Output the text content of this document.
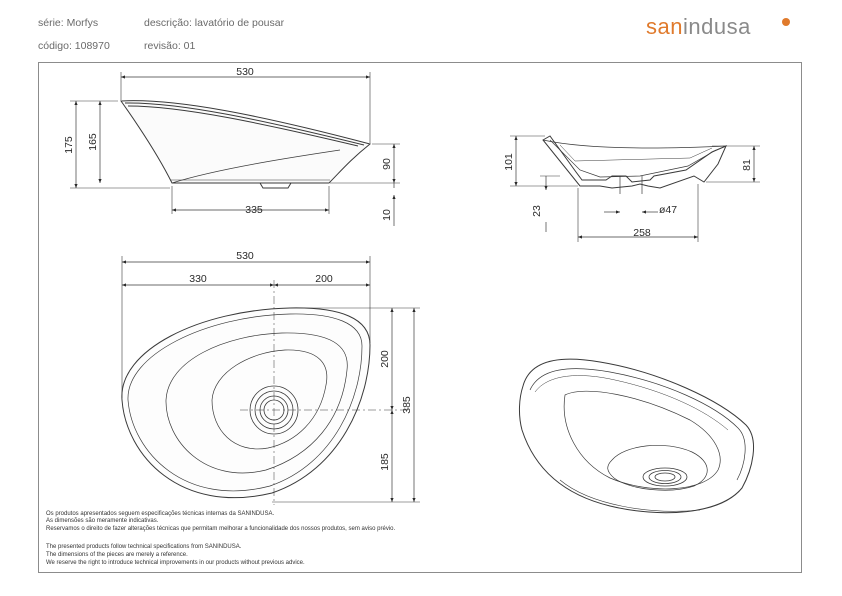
série: Morfys	descrição: lavatório de pousar
código: 108970	revisão: 01
sanindusa
530
175 165
90
10
335
101	81
23	ø47
258
530
330	200
385
200
185
Os produtos apresentados seguem especificações técnicas internas da SANINDUSA.
As dimensões são meramente indicativas.
Reservamos o direito de fazer alterações técnicas que permitam melhorar a funcionalidade dos nossos produtos, sem aviso prévio.
The presented products follow technical specifications from SANINDUSA.
The dimensions of the pieces are merely a reference.
We reserve the right to introduce technical improvements in our products without previous advice.
